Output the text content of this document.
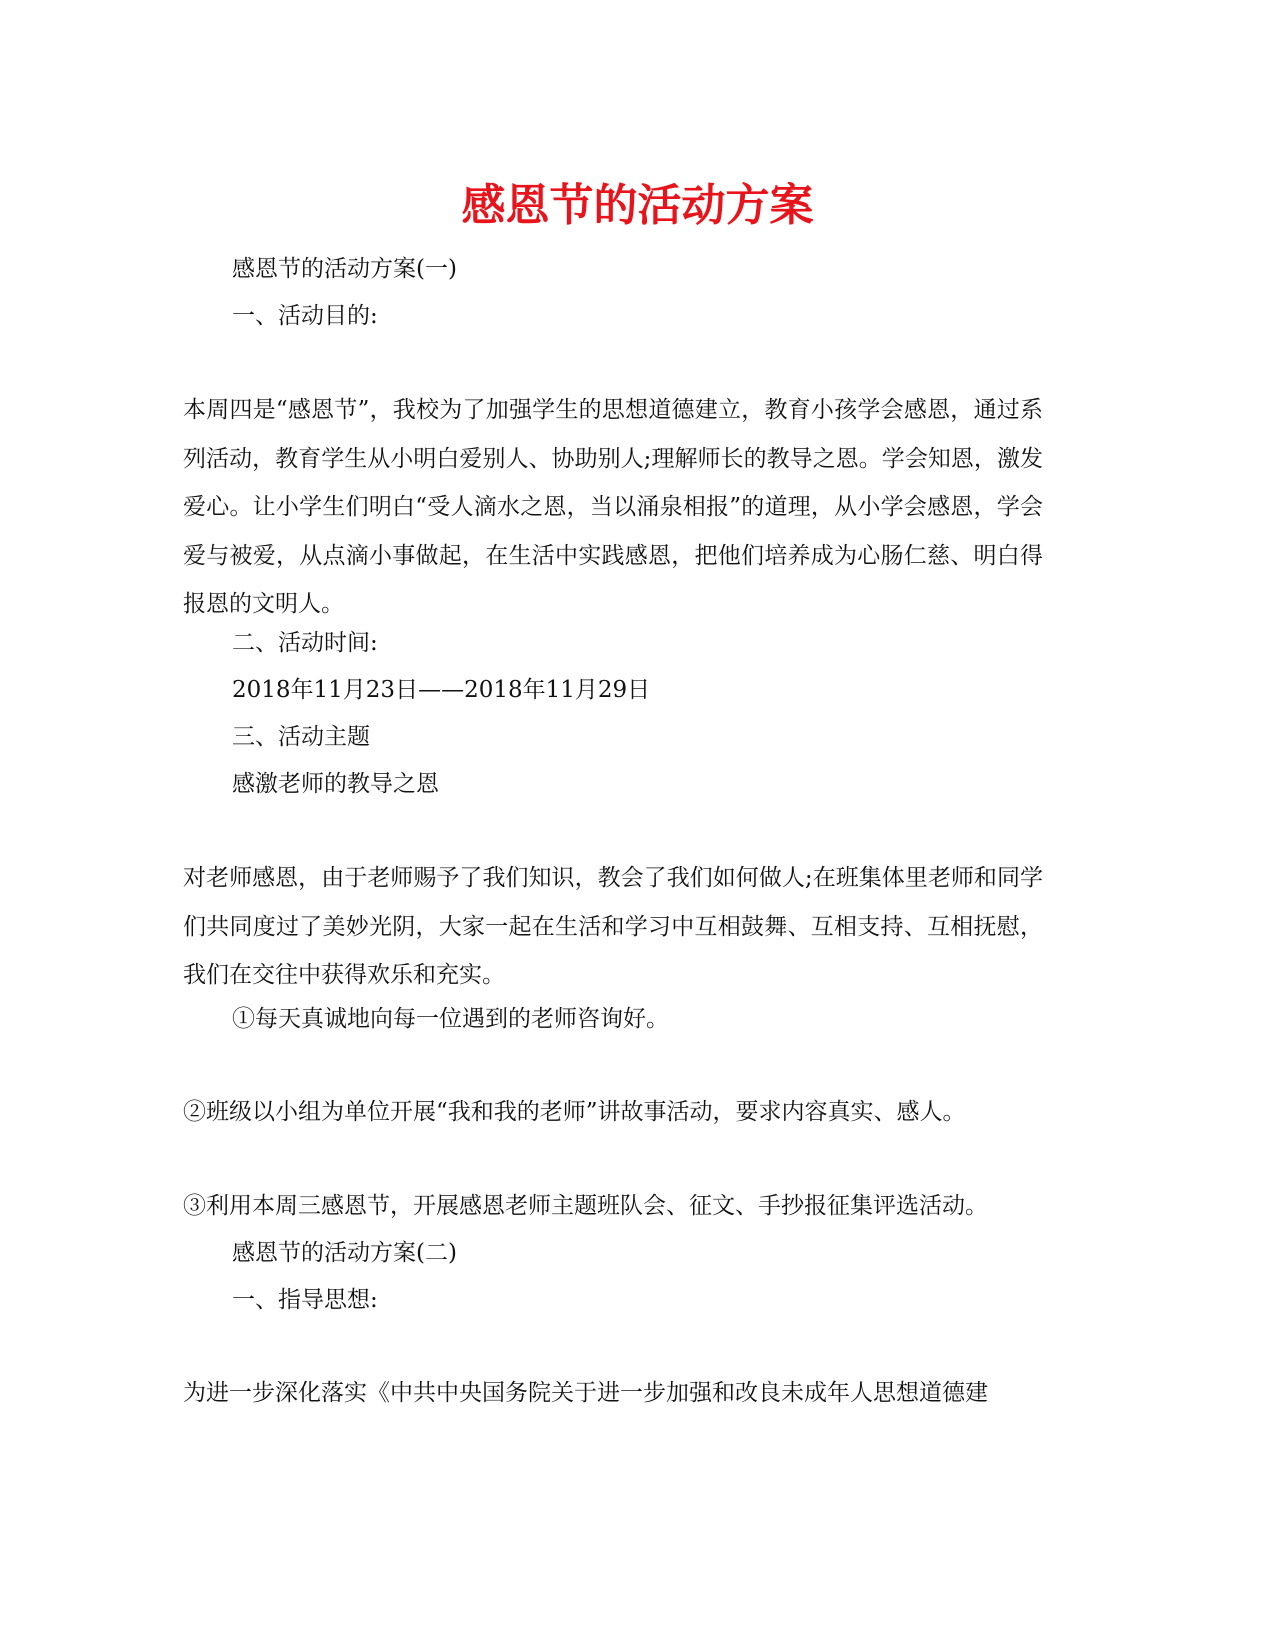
感恩节的活动方案

感恩节的活动方案(一)

一、活动目的:

本周四是“感恩节”，我校为了加强学生的思想道德建立，教育小孩学会感恩，通过系列活动，教育学生从小明白爱别人、协助别人;理解师长的教导之恩。学会知恩，激发爱心。让小学生们明白“受人滴水之恩，当以涌泉相报”的道理，从小学会感恩，学会爱与被爱，从点滴小事做起，在生活中实践感恩，把他们培养成为心肠仁慈、明白得报恩的文明人。

二、活动时间:

2018年11月23日——2018年11月29日

三、活动主题

感激老师的教导之恩

对老师感恩，由于老师赐予了我们知识，教会了我们如何做人;在班集体里老师和同学们共同度过了美妙光阴，大家一起在生活和学习中互相鼓舞、互相支持、互相抚慰，我们在交往中获得欢乐和充实。

①每天真诚地向每一位遇到的老师咨询好。

②班级以小组为单位开展“我和我的老师”讲故事活动，要求内容真实、感人。

③利用本周三感恩节，开展感恩老师主题班队会、征文、手抄报征集评选活动。

感恩节的活动方案(二)

一、指导思想:

为进一步深化落实《中共中央国务院关于进一步加强和改良未成年人思想道德建
